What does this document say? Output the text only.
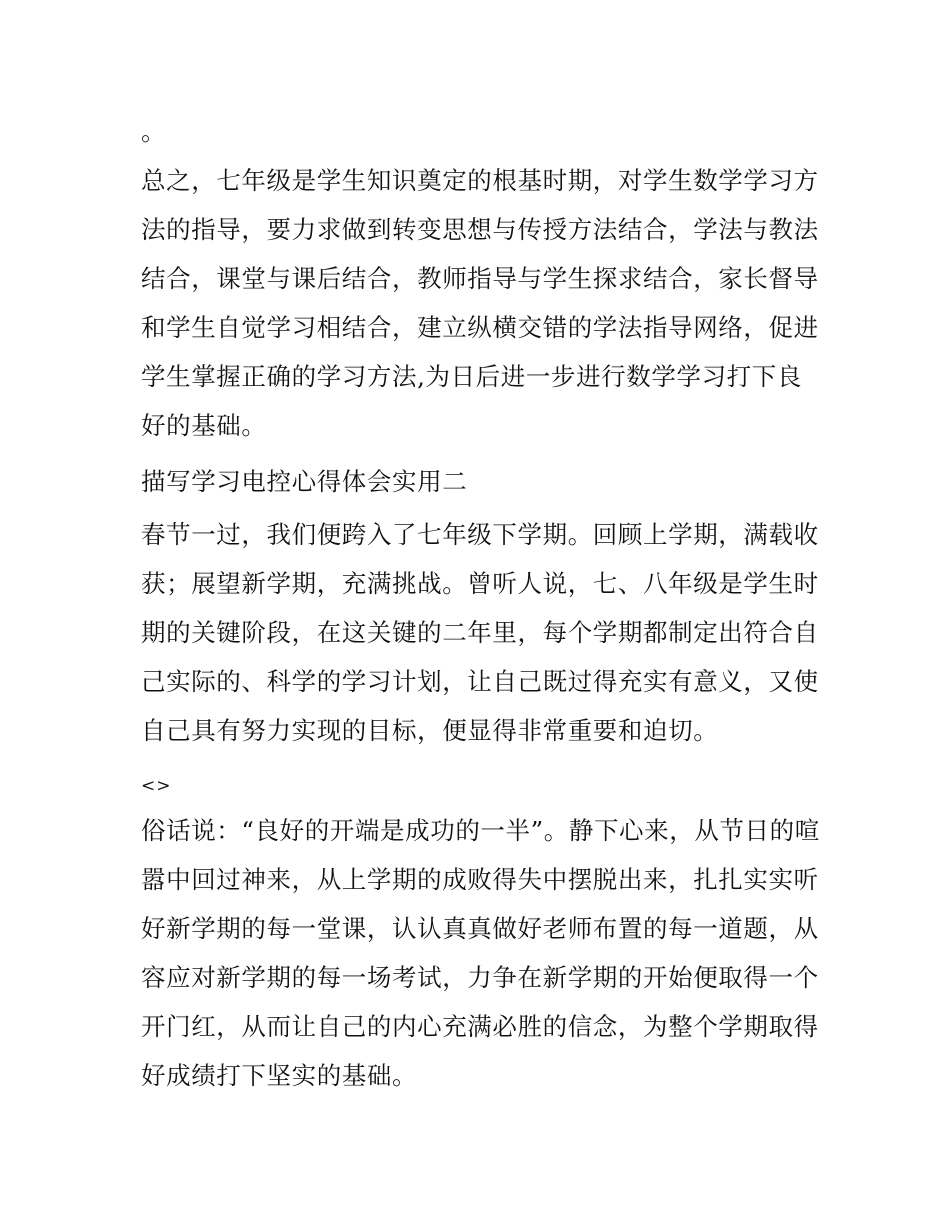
。
总之，七年级是学生知识奠定的根基时期，对学生数学学习方
法的指导，要力求做到转变思想与传授方法结合，学法与教法
结合，课堂与课后结合，教师指导与学生探求结合，家长督导
和学生自觉学习相结合，建立纵横交错的学法指导网络，促进
学生掌握正确的学习方法,为日后进一步进行数学学习打下良
好的基础。
描写学习电控心得体会实用二
春节一过，我们便跨入了七年级下学期。回顾上学期，满载收
获；展望新学期，充满挑战。曾听人说，七、八年级是学生时
期的关键阶段，在这关键的二年里，每个学期都制定出符合自
己实际的、科学的学习计划，让自己既过得充实有意义，又使
自己具有努力实现的目标，便显得非常重要和迫切。
<>
俗话说：“良好的开端是成功的一半”。静下心来，从节日的喧
嚣中回过神来，从上学期的成败得失中摆脱出来，扎扎实实听
好新学期的每一堂课，认认真真做好老师布置的每一道题，从
容应对新学期的每一场考试，力争在新学期的开始便取得一个
开门红，从而让自己的内心充满必胜的信念，为整个学期取得
好成绩打下坚实的基础。
